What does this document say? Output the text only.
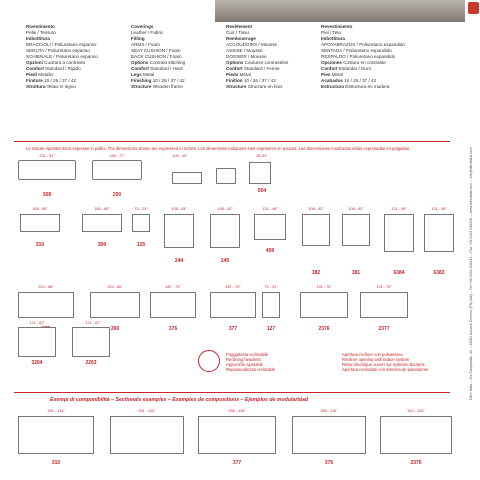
Rivestimento
Pelle / Tessuto
Imbottitura
BRACCIOLI / Poliuretano espanso
SEDUTA / Poliuretano espanso
SCHIENALE / Poliuretano espanso
Opzioni Cucitura a contrasto
Comfort Standard / Rigido
Piedi Metallo
Finiture 10 / 26 / 37 / 42
Struttura Telaio in legno
Coverings
Leather / Fabric
Filling
ARMS / Foam
SEAT CUSHION / Foam
BACK CUSHION / Foam
Options Contrast stitching
Comfort Standard / Hard
Legs Metal
Finishing 10 / 26 / 37 / 42
Structure Wooden frame
Revêtement
Cuir / Tissu
Rembourrage
ACCOUDOIRS / Mousse
ASSISE / Mousse
DOSSIER / Mousse
Options Coutures contrastées
Confort Standard / Ferme
Pieds Métal
Finition 10 / 26 / 37 / 42
Structure Structure en bois
Revestimiento
Piel / Tela
Imbottitura
APOYABRAZOS / Poliuretano expandido
SENTADA / Poliuretano expandido
RESPALDO / Poliuretano expandido
Opciones Costura en contraste
Confort Estándar / Duro
Pies Metal
Acabados 10 / 26 / 37 / 42
Estructura Estructura en madera
Le misure riportate sono espresse in pollici. The dimensions shown are expressed in inches. Les dimensions indiquées sont exprimées en pouces. Las dimensiones mostradas están expresadas en pulgadas.
231 - 91"
308
196 - 77"
200
109 - 43"	80-31"
504
165 - 65"
310
165 - 65"
309
73 - 29"
125
108 - 43"
244
108 - 43"
245
121 - 48"
409
108 - 42"
382
108 - 42"
381
121 - 48"
6384
121 - 48"
6383
224 - 88"	204 - 80"
260
187 - 73"
376
187 - 73"
377
73 - 31"
127
191 - 75"
2376
191 - 75"
2377
171 - 67"
2264
171 - 67"
2263
Poggiatesta reclinabile
Reclining headrest
Appui-tête ajustable
Reposacabezas reclinable
Apertura recliner con pulsantiera
Recliner opening with button system
Relax électrique ouvert sur système boutons
Apertura reclinable con sistema de pulsadores
Esempi di componibilità – Sectionals examples – Exemples de compositions – Ejemplos de modularidad
291 - 114"
310
291 - 115"	295 - 116"
377
295 - 116"
376
312 - 123"
2376
Ditre Italia – Via Gasparotto, 20 – 33082 Azzano Decimo (PN) Italy – Tel +39 0434 636211 – Fax +39 0434 636206 – www.ditreitalia.com – info@ditreitalia.com
